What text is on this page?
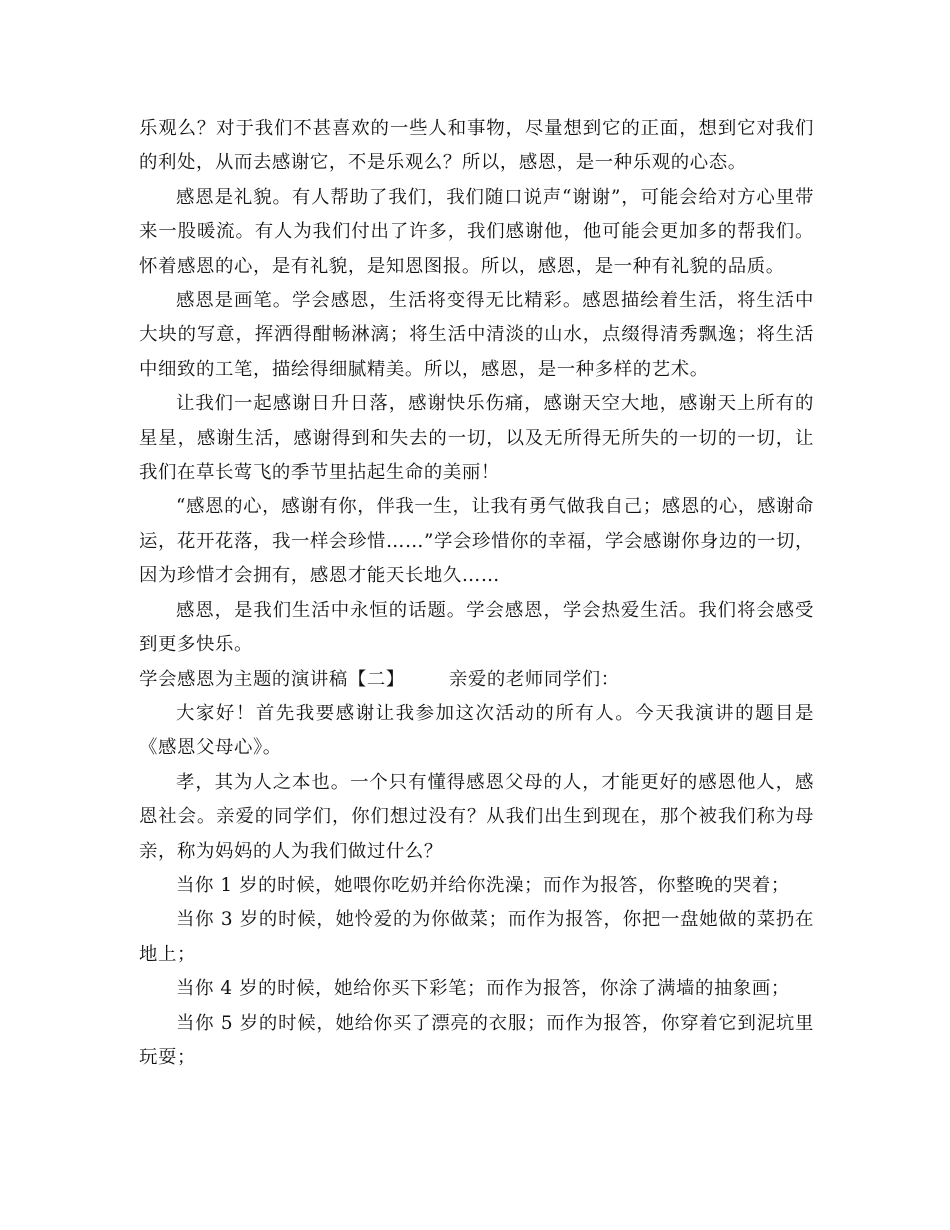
乐观么？对于我们不甚喜欢的一些人和事物，尽量想到它的正面，想到它对我们的利处，从而去感谢它，不是乐观么？所以，感恩，是一种乐观的心态。

感恩是礼貌。有人帮助了我们，我们随口说声“谢谢”，可能会给对方心里带来一股暖流。有人为我们付出了许多，我们感谢他，他可能会更加多的帮我们。怀着感恩的心，是有礼貌，是知恩图报。所以，感恩，是一种有礼貌的品质。

感恩是画笔。学会感恩，生活将变得无比精彩。感恩描绘着生活，将生活中大块的写意，挥洒得酣畅淋漓；将生活中清淡的山水，点缀得清秀飘逸；将生活中细致的工笔，描绘得细腻精美。所以，感恩，是一种多样的艺术。

让我们一起感谢日升日落，感谢快乐伤痛，感谢天空大地，感谢天上所有的星星，感谢生活，感谢得到和失去的一切，以及无所得无所失的一切的一切，让我们在草长莺飞的季节里拈起生命的美丽！

“感恩的心，感谢有你，伴我一生，让我有勇气做我自己；感恩的心，感谢命运，花开花落，我一样会珍惜……”学会珍惜你的幸福，学会感谢你身边的一切，因为珍惜才会拥有，感恩才能天长地久……

感恩，是我们生活中永恒的话题。学会感恩，学会热爱生活。我们将会感受到更多快乐。

学会感恩为主题的演讲稿【二】 亲爱的老师同学们：

大家好！首先我要感谢让我参加这次活动的所有人。今天我演讲的题目是《感恩父母心》。

孝，其为人之本也。一个只有懂得感恩父母的人，才能更好的感恩他人，感恩社会。亲爱的同学们，你们想过没有？从我们出生到现在，那个被我们称为母亲，称为妈妈的人为我们做过什么？

当你 1 岁的时候，她喂你吃奶并给你洗澡；而作为报答，你整晚的哭着；

当你 3 岁的时候，她怜爱的为你做菜；而作为报答，你把一盘她做的菜扔在地上；

当你 4 岁的时候，她给你买下彩笔；而作为报答，你涂了满墙的抽象画；

当你 5 岁的时候，她给你买了漂亮的衣服；而作为报答，你穿着它到泥坑里玩耍；
